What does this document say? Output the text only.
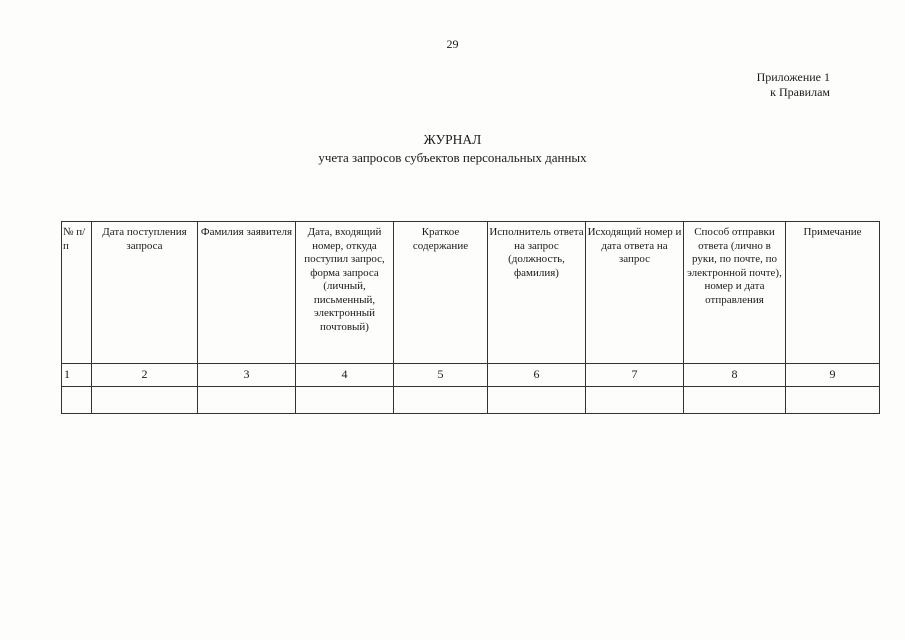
29
Приложение 1
к Правилам
ЖУРНАЛ
учета запросов субъектов персональных данных
№ п/п	Дата поступления запроса	Фамилия заявителя	Дата, входящий номер, откуда поступил запрос, форма запроса (личный, письменный, электронный почтовый)	Краткое содержание	Исполнитель ответа на запрос (должность, фамилия)	Исходящий номер и дата ответа на запрос	Способ отправки ответа (лично в руки, по почте, по электронной почте), номер и дата отправления	Примечание
1	2	3	4	5	6	7	8	9
